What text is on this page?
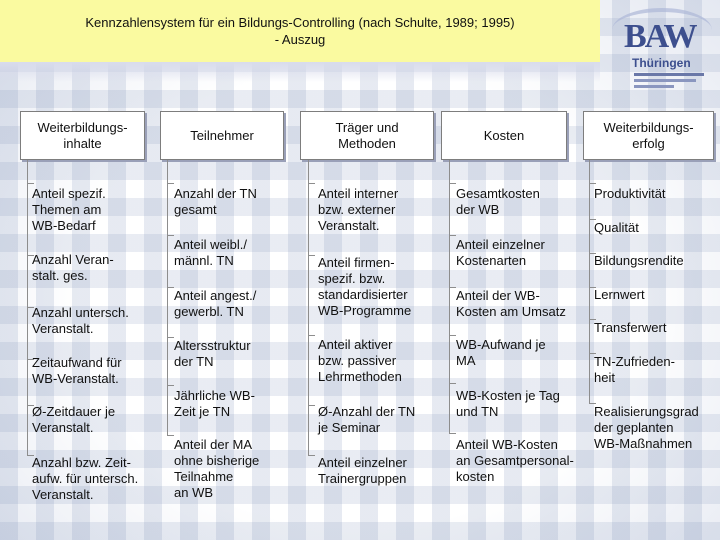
Kennzahlensystem für ein Bildungs-Controlling (nach Schulte, 1989; 1995)
- Auszug	BAW
Thüringen
Weiterbildungs-
inhalte
Anteil spezif.
Themen am
WB-Bedarf
Anzahl Veran-
stalt. ges.
Anzahl untersch.
Veranstalt.
Zeitaufwand für
WB-Veranstalt.
Ø-Zeitdauer je
Veranstalt.
Anzahl bzw. Zeit-
aufw. für untersch.
Veranstalt.
Teilnehmer
Anzahl der TN
gesamt
Anteil weibl./
männl. TN
Anteil angest./
gewerbl. TN
Altersstruktur
der TN
Jährliche WB-
Zeit je TN
Anteil der MA
ohne bisherige
Teilnahme
an WB
Träger und
Methoden
Anteil interner
bzw. externer
Veranstalt.
Anteil firmen-
spezif. bzw.
standardisierter
WB-Programme
Anteil aktiver
bzw. passiver
Lehrmethoden
Ø-Anzahl der TN
je Seminar
Anteil einzelner
Trainergruppen
Kosten
Gesamtkosten
der WB
Anteil einzelner
Kostenarten
Anteil der WB-
Kosten am Umsatz
WB-Aufwand je
MA
WB-Kosten je Tag
und TN
Anteil WB-Kosten
an Gesamtpersonal-
kosten
Weiterbildungs-
erfolg
Produktivität
Qualität
Bildungsrendite
Lernwert
Transferwert
TN-Zufrieden-
heit
Realisierungsgrad
der geplanten
WB-Maßnahmen
